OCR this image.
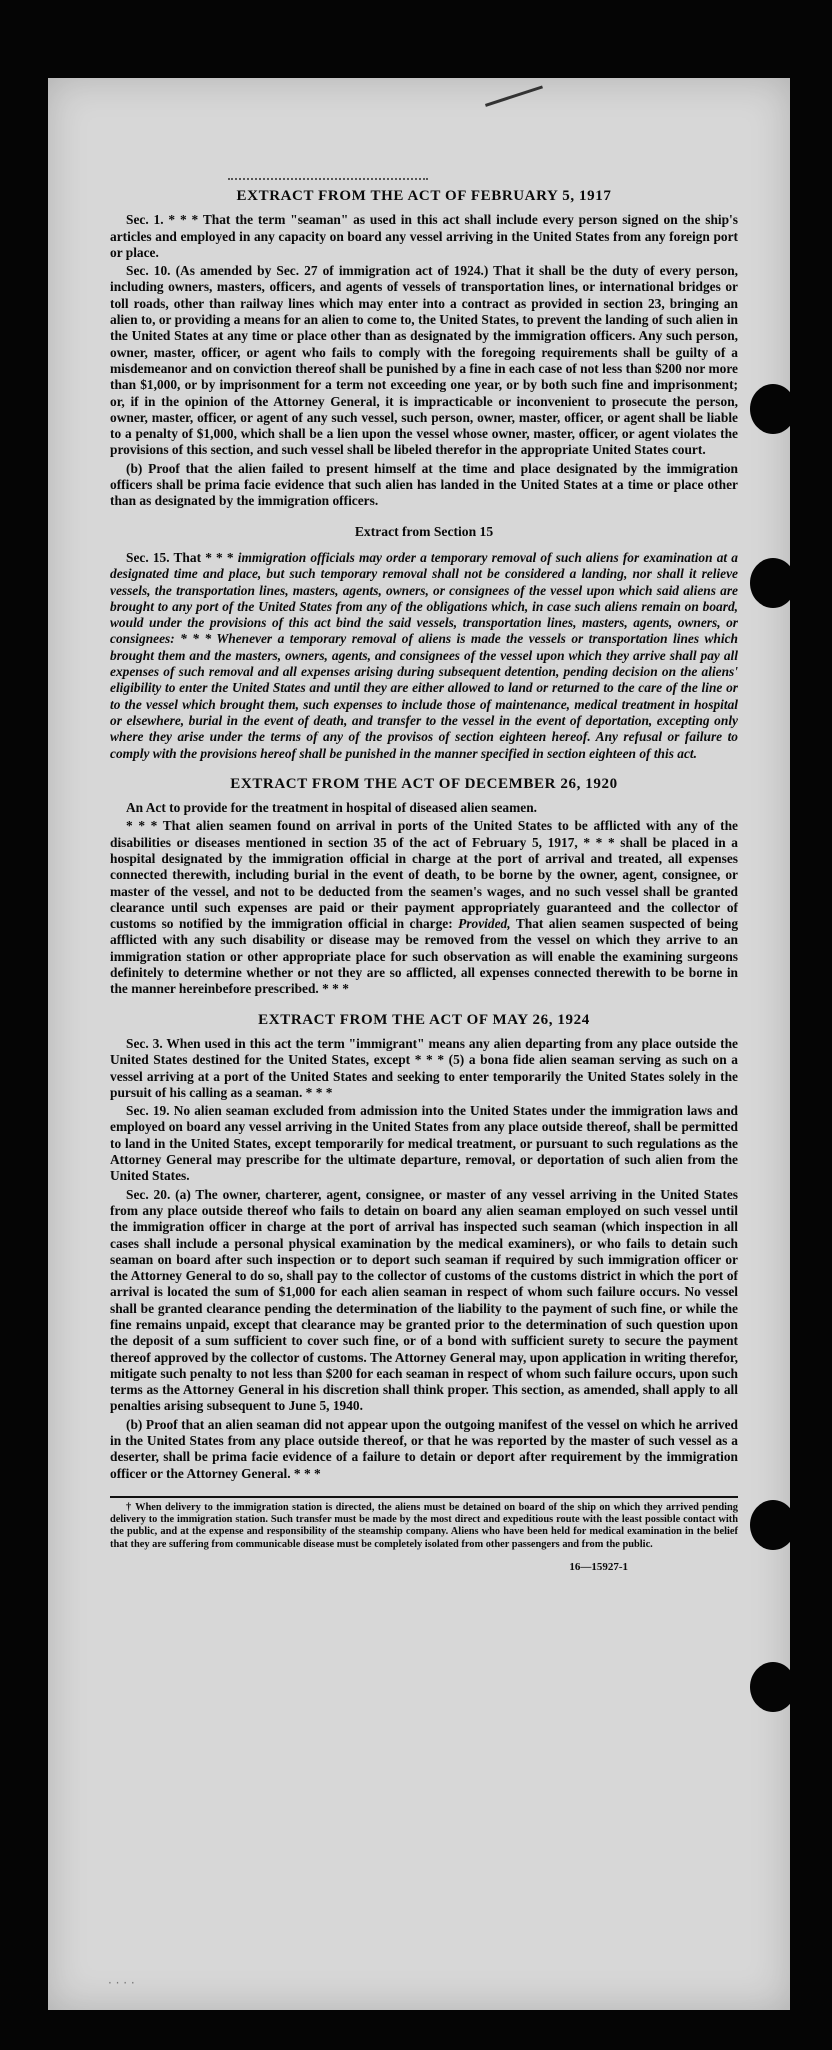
EXTRACT FROM THE ACT OF FEBRUARY 5, 1917

Sec. 1. * * * That the term "seaman" as used in this act shall include every person signed on the ship's articles and employed in any capacity on board any vessel arriving in the United States from any foreign port or place.

Sec. 10. (As amended by Sec. 27 of immigration act of 1924.) That it shall be the duty of every person, including owners, masters, officers, and agents of vessels of transportation lines, or international bridges or toll roads, other than railway lines which may enter into a contract as provided in section 23, bringing an alien to, or providing a means for an alien to come to, the United States, to prevent the landing of such alien in the United States at any time or place other than as designated by the immigration officers. Any such person, owner, master, officer, or agent who fails to comply with the foregoing requirements shall be guilty of a misdemeanor and on conviction thereof shall be punished by a fine in each case of not less than $200 nor more than $1,000, or by imprisonment for a term not exceeding one year, or by both such fine and imprisonment; or, if in the opinion of the Attorney General, it is impracticable or inconvenient to prosecute the person, owner, master, officer, or agent of any such vessel, such person, owner, master, officer, or agent shall be liable to a penalty of $1,000, which shall be a lien upon the vessel whose owner, master, officer, or agent violates the provisions of this section, and such vessel shall be libeled therefor in the appropriate United States court.

(b) Proof that the alien failed to present himself at the time and place designated by the immigration officers shall be prima facie evidence that such alien has landed in the United States at a time or place other than as designated by the immigration officers.

Extract from Section 15

Sec. 15. That * * * immigration officials may order a temporary removal of such aliens for examination at a designated time and place, but such temporary removal shall not be considered a landing, nor shall it relieve vessels, the transportation lines, masters, agents, owners, or consignees of the vessel upon which said aliens are brought to any port of the United States from any of the obligations which, in case such aliens remain on board, would under the provisions of this act bind the said vessels, transportation lines, masters, agents, owners, or consignees: * * * Whenever a temporary removal of aliens is made the vessels or transportation lines which brought them and the masters, owners, agents, and consignees of the vessel upon which they arrive shall pay all expenses of such removal and all expenses arising during subsequent detention, pending decision on the aliens' eligibility to enter the United States and until they are either allowed to land or returned to the care of the line or to the vessel which brought them, such expenses to include those of maintenance, medical treatment in hospital or elsewhere, burial in the event of death, and transfer to the vessel in the event of deportation, excepting only where they arise under the terms of any of the provisos of section eighteen hereof. Any refusal or failure to comply with the provisions hereof shall be punished in the manner specified in section eighteen of this act.

EXTRACT FROM THE ACT OF DECEMBER 26, 1920

An Act to provide for the treatment in hospital of diseased alien seamen.

* * * That alien seamen found on arrival in ports of the United States to be afflicted with any of the disabilities or diseases mentioned in section 35 of the act of February 5, 1917, * * * shall be placed in a hospital designated by the immigration official in charge at the port of arrival and treated, all expenses connected therewith, including burial in the event of death, to be borne by the owner, agent, consignee, or master of the vessel, and not to be deducted from the seamen's wages, and no such vessel shall be granted clearance until such expenses are paid or their payment appropriately guaranteed and the collector of customs so notified by the immigration official in charge: Provided, That alien seamen suspected of being afflicted with any such disability or disease may be removed from the vessel on which they arrive to an immigration station or other appropriate place for such observation as will enable the examining surgeons definitely to determine whether or not they are so afflicted, all expenses connected therewith to be borne in the manner hereinbefore prescribed. * * *

EXTRACT FROM THE ACT OF MAY 26, 1924

Sec. 3. When used in this act the term "immigrant" means any alien departing from any place outside the United States destined for the United States, except * * * (5) a bona fide alien seaman serving as such on a vessel arriving at a port of the United States and seeking to enter temporarily the United States solely in the pursuit of his calling as a seaman. * * *

Sec. 19. No alien seaman excluded from admission into the United States under the immigration laws and employed on board any vessel arriving in the United States from any place outside thereof, shall be permitted to land in the United States, except temporarily for medical treatment, or pursuant to such regulations as the Attorney General may prescribe for the ultimate departure, removal, or deportation of such alien from the United States.

Sec. 20. (a) The owner, charterer, agent, consignee, or master of any vessel arriving in the United States from any place outside thereof who fails to detain on board any alien seaman employed on such vessel until the immigration officer in charge at the port of arrival has inspected such seaman (which inspection in all cases shall include a personal physical examination by the medical examiners), or who fails to detain such seaman on board after such inspection or to deport such seaman if required by such immigration officer or the Attorney General to do so, shall pay to the collector of customs of the customs district in which the port of arrival is located the sum of $1,000 for each alien seaman in respect of whom such failure occurs. No vessel shall be granted clearance pending the determination of the liability to the payment of such fine, or while the fine remains unpaid, except that clearance may be granted prior to the determination of such question upon the deposit of a sum sufficient to cover such fine, or of a bond with sufficient surety to secure the payment thereof approved by the collector of customs. The Attorney General may, upon application in writing therefor, mitigate such penalty to not less than $200 for each seaman in respect of whom such failure occurs, upon such terms as the Attorney General in his discretion shall think proper. This section, as amended, shall apply to all penalties arising subsequent to June 5, 1940.

(b) Proof that an alien seaman did not appear upon the outgoing manifest of the vessel on which he arrived in the United States from any place outside thereof, or that he was reported by the master of such vessel as a deserter, shall be prima facie evidence of a failure to detain or deport after requirement by the immigration officer or the Attorney General. * * *

† When delivery to the immigration station is directed, the aliens must be detained on board of the ship on which they arrived pending delivery to the immigration station. Such transfer must be made by the most direct and expeditious route with the least possible contact with the public, and at the expense and responsibility of the steamship company. Aliens who have been held for medical examination in the belief that they are suffering from communicable disease must be completely isolated from other passengers and from the public.

16—15927-1
· · · ·
